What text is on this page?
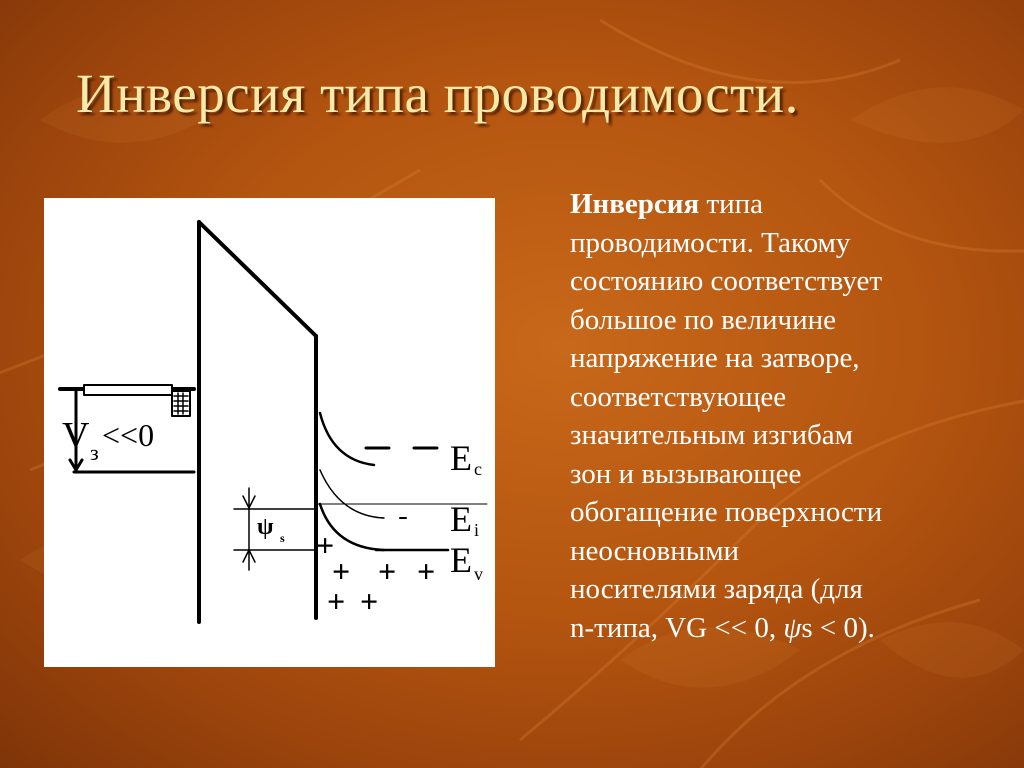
Инверсия типа проводимости.
V з <<0
ψ s
E c
E i
E v
+
+ + +
+ +

Инверсия типа
проводимости. Такому
состоянию соответствует
большое по величине
напряжение на затворе,
соответствующее
значительным изгибам
зон и вызывающее
обогащение поверхности
неосновными
носителями заряда (для
n-типа, VG << 0, ψs < 0).
